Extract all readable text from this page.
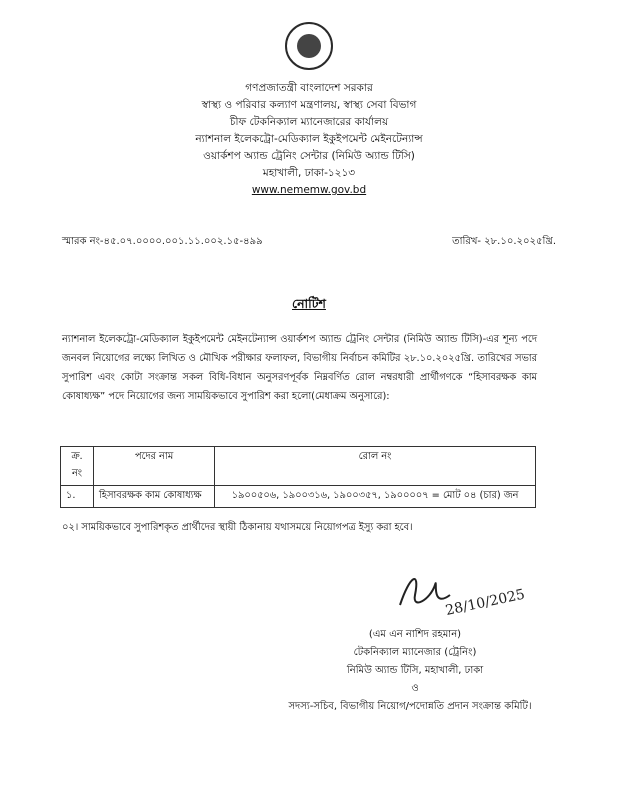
গণপ্রজাতন্ত্রী বাংলাদেশ সরকার
স্বাস্থ্য ও পরিবার কল্যাণ মন্ত্রণালয়, স্বাস্থ্য সেবা বিভাগ
চীফ টেকনিক্যাল ম্যানেজারের কার্যালয়
ন্যাশনাল ইলেকট্রো-মেডিক্যাল ইকুইপমেন্ট মেইনটেন্যান্স
ওয়ার্কশপ অ্যান্ড ট্রেনিং সেন্টার (নিমিউ অ্যান্ড টিসি)
মহাখালী, ঢাকা-১২১৩
www.nememw.gov.bd
স্মারক নং-৪৫.০৭.০০০০.০০১.১১.০০২.১৫-৪৯৯	তারিখ- ২৮.১০.২০২৫খ্রি.
নোটিশ
ন্যাশনাল ইলেকট্রো-মেডিক্যাল ইকুইপমেন্ট মেইনটেন্যান্স ওয়ার্কশপ অ্যান্ড ট্রেনিং সেন্টার (নিমিউ অ্যান্ড টিসি)-এর শূন্য পদে জনবল নিয়োগের লক্ষ্যে লিখিত ও মৌখিক পরীক্ষার ফলাফল, বিভাগীয় নির্বাচন কমিটির ২৮.১০.২০২৫খ্রি. তারিখের সভার সুপারিশ এবং কোটা সংক্রান্ত সকল বিধি-বিধান অনুসরণপূর্বক নিম্নবর্ণিত রোল নম্বরধারী প্রার্থীগণকে “হিসাবরক্ষক কাম কোষাধ্যক্ষ” পদে নিয়োগের জন্য সাময়িকভাবে সুপারিশ করা হলো(মেধাক্রম অনুসারে):
ক্র. নং	পদের নাম	রোল নং
১.	হিসাবরক্ষক কাম কোষাধ্যক্ষ	১৯০০৫০৬, ১৯০০৩১৬, ১৯০০৩৫৭, ১৯০০০০৭ = মোট ০৪ (চার) জন
০২। সাময়িকভাবে সুপারিশকৃত প্রার্থীদের স্থায়ী ঠিকানায় যথাসময়ে নিয়োগপত্র ইস্যু করা হবে।
28/10/2025
(এম এন নাশিদ রহমান)
টেকনিক্যাল ম্যানেজার (ট্রেনিং)
নিমিউ অ্যান্ড টিসি, মহাখালী, ঢাকা
ও
সদস্য-সচিব, বিভাগীয় নিয়োগ/পদোন্নতি প্রদান সংক্রান্ত কমিটি।
